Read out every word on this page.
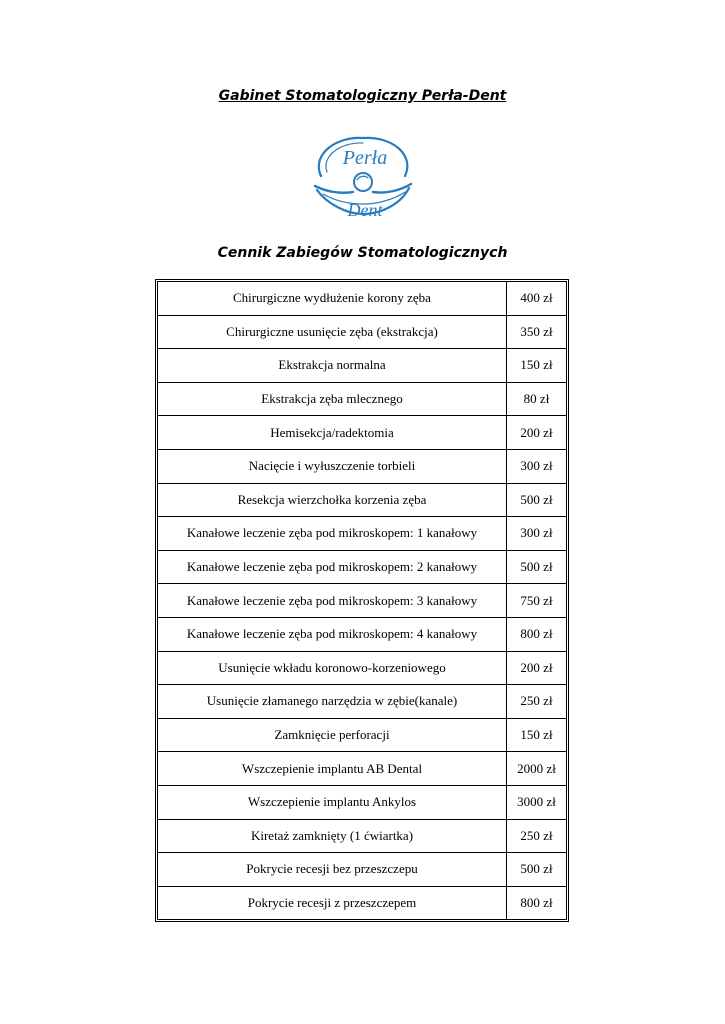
Gabinet Stomatologiczny Perła-Dent
Perła
Dent
Cennik Zabiegów Stomatologicznych
Chirurgiczne wydłużenie korony zęba	400 zł
Chirurgiczne usunięcie zęba (ekstrakcja)	350 zł
Ekstrakcja normalna	150 zł
Ekstrakcja zęba mlecznego	80 zł
Hemisekcja/radektomia	200 zł
Nacięcie i wyłuszczenie torbieli	300 zł
Resekcja wierzchołka korzenia zęba	500 zł
Kanałowe leczenie zęba pod mikroskopem: 1 kanałowy	300 zł
Kanałowe leczenie zęba pod mikroskopem: 2 kanałowy	500 zł
Kanałowe leczenie zęba pod mikroskopem: 3 kanałowy	750 zł
Kanałowe leczenie zęba pod mikroskopem: 4 kanałowy	800 zł
Usunięcie wkładu koronowo-korzeniowego	200 zł
Usunięcie złamanego narzędzia w zębie(kanale)	250 zł
Zamknięcie perforacji	150 zł
Wszczepienie implantu AB Dental	2000 zł
Wszczepienie implantu Ankylos	3000 zł
Kiretaż zamknięty (1 ćwiartka)	250 zł
Pokrycie recesji bez przeszczepu	500 zł
Pokrycie recesji z przeszczepem	800 zł
